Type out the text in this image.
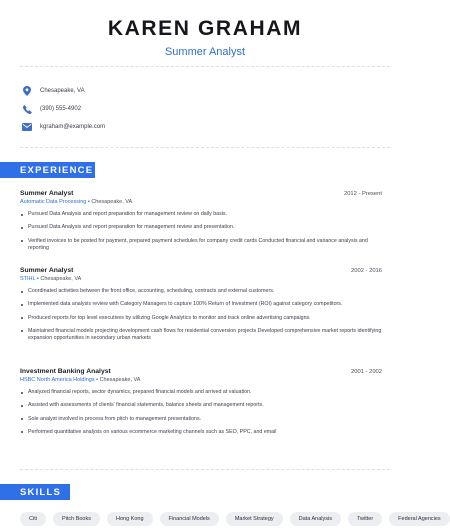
KAREN GRAHAM
Summer Analyst
Chesapeake, VA
(390) 555-4902
kgraham@example.com
EXPERIENCE
Summer Analyst	2012 - Present
Automatic Data Processing • Chesapeake, VA
Pursued Data Analysis and report preparation for management review on daily basis.
Pursued Data Analysis and report preparation for management review and presentation.
Verified invoices to be posted for payment, prepared payment schedules for company credit cards Conducted financial and variance analysis and reporting
Summer Analyst	2002 - 2016
STIHL • Chesapeake, VA
Coordinated activities between the front office, accounting, scheduling, contracts and external customers.
Implemented data analysis review with Category Managers to capture 100% Return of Investment (ROI) against category competitors.
Produced reports for top level executives by utilizing Google Analytics to monitor and track online advertising campaigns.
Maintained financial models projecting development cash flows for residential conversion projects Developed comprehensive market reports identifying expansion opportunities in secondary urban markets
Investment Banking Analyst	2001 - 2002
HSBC North America Holdings • Chesapeake, VA
Analyzed financial reports, sector dynamics, prepared financial models and arrived at valuation.
Assisted with assessments of clients' financial statements, balance sheets and management reports.
Sole analyst involved in process from pitch to management presentations.
Performed quantitative analysis on various ecommerce marketing channels such as SEO, PPC, and email
SKILLS
Citi	Pitch Books	Hong Kong	Financial Models	Market Strategy	Data Analysis	Twitter	Federal Agencies
